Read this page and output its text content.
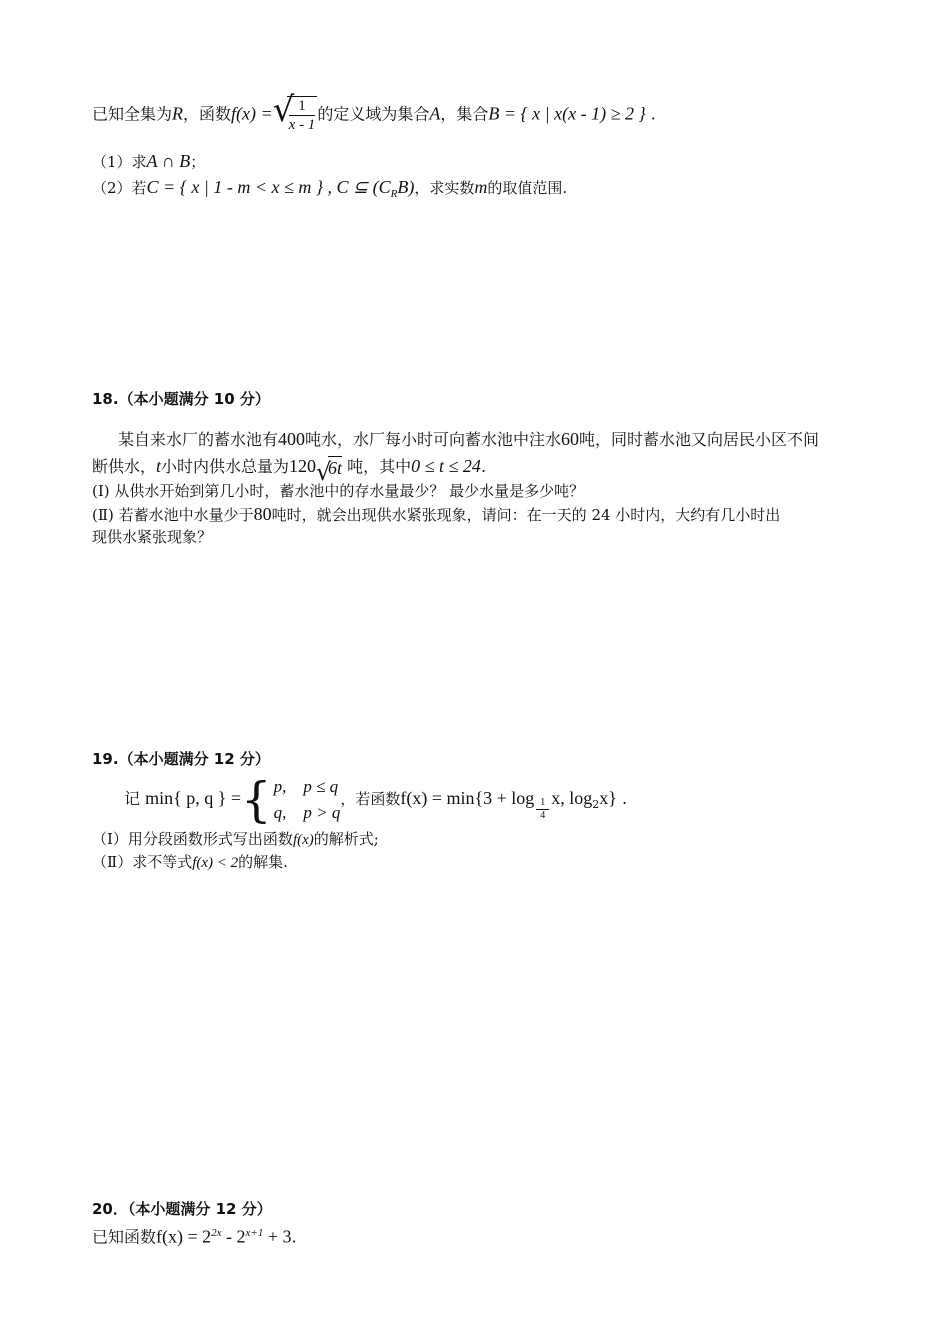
已知全集为R，函数f(x) = √
$\frac{1}{x - 1}$ 的定义域为集合A，集合B = { x | x(x - 1) ≥ 2 } .
（1）求A ∩ B；
（2）若C = { x | 1 - m < x ≤ m } , C ⊆ $(C_RB)$，求实数m的取值范围.
18.（本小题满分 10 分）
某自来水厂的蓄水池有400吨水，水厂每小时可向蓄水池中注水60吨，同时蓄水池又向居民小区不间
断供水，t小时内供水总量为120 √
6t 吨，其中0 ≤ t ≤ 24.
(Ⅰ) 从供水开始到第几小时，蓄水池中的存水量最少？ 最少水量是多少吨？
(Ⅱ) 若蓄水池中水量少于80吨时，就会出现供水紧张现象，请问：在一天的 24 小时内，大约有几小时出
现供水紧张现象？
19.（本小题满分 12 分）
记 min{ p, q } ={ p, p ≤ q
q, p > q
，若函数$f(x) = \min\{3 + \log \frac{1}{4} x$, $\log_2x$} .
（Ⅰ）用分段函数形式写出函数f(x)的解析式;
（Ⅱ）求不等式f(x) < 2的解集.
20．（本小题满分 12 分）
已知函数$f(x) = 2^{2x} - 2^{x+1} + 3$.
